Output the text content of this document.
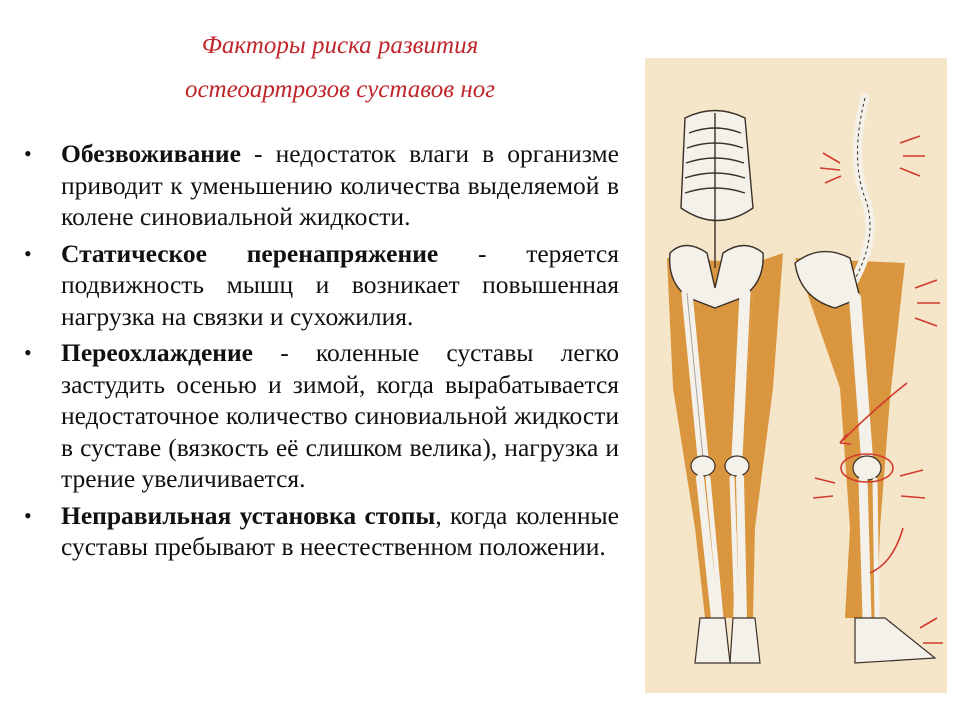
Факторы риска развития
остеоартрозов суставов ног
• Обезвоживание - недостаток влаги в организме приводит к уменьшению количества выделяемой в колене синовиальной жидкости.
• Статическое перенапряжение - теряется подвижность мышц и возникает повышенная нагрузка на связки и сухожилия.
• Переохлаждение - коленные суставы легко застудить осенью и зимой, когда вырабатывается недостаточное количество синовиальной жидкости в суставе (вязкость её слишком велика), нагрузка и трение увеличивается.
• Неправильная установка стопы, когда коленные суставы пребывают в неестественном положении.
